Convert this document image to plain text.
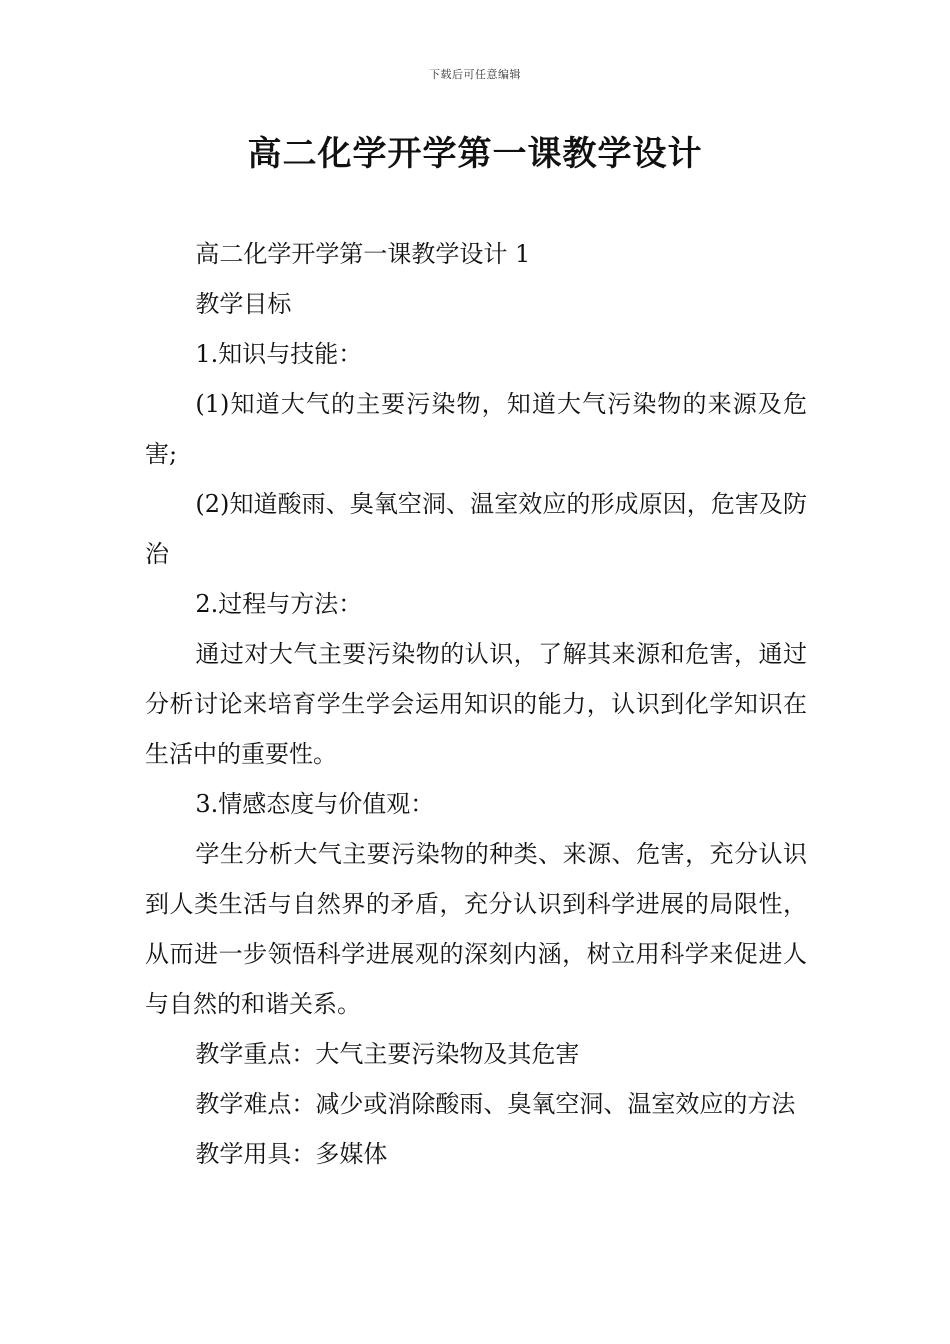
下载后可任意编辑
高二化学开学第一课教学设计

高二化学开学第一课教学设计 1

教学目标

1.知识与技能：

(1)知道大气的主要污染物，知道大气污染物的来源及危害;

(2)知道酸雨、臭氧空洞、温室效应的形成原因，危害及防治

2.过程与方法：

通过对大气主要污染物的认识，了解其来源和危害，通过分析讨论来培育学生学会运用知识的能力，认识到化学知识在生活中的重要性。

3.情感态度与价值观：

学生分析大气主要污染物的种类、来源、危害，充分认识到人类生活与自然界的矛盾，充分认识到科学进展的局限性，从而进一步领悟科学进展观的深刻内涵，树立用科学来促进人与自然的和谐关系。

教学重点：大气主要污染物及其危害

教学难点：减少或消除酸雨、臭氧空洞、温室效应的方法

教学用具：多媒体
